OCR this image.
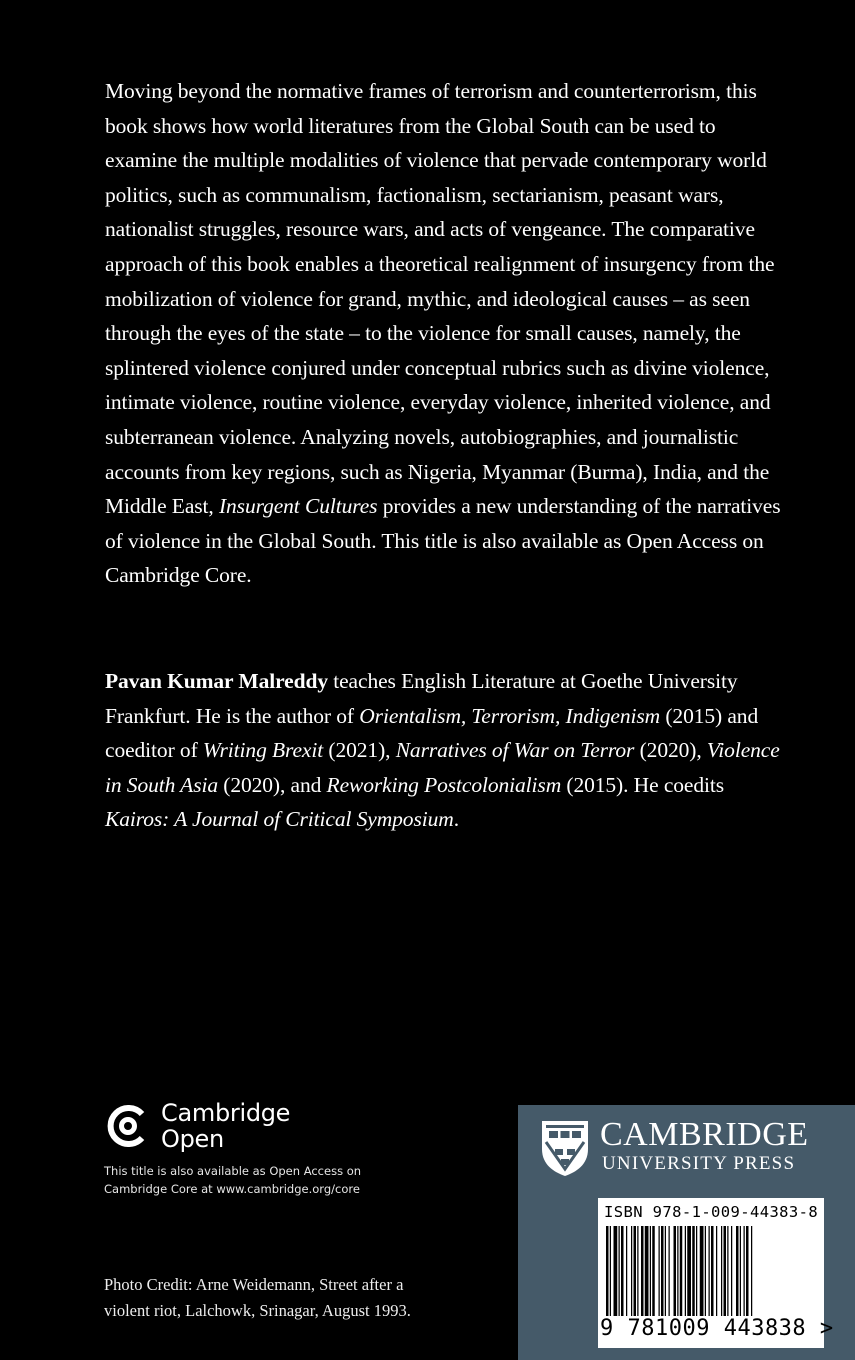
Moving beyond the normative frames of terrorism and counterterrorism, this book shows how world literatures from the Global South can be used to examine the multiple modalities of violence that pervade contemporary world politics, such as communalism, factionalism, sectarianism, peasant wars, nationalist struggles, resource wars, and acts of vengeance. The comparative approach of this book enables a theoretical realignment of insurgency from the mobilization of violence for grand, mythic, and ideological causes – as seen through the eyes of the state – to the violence for small causes, namely, the splintered violence conjured under conceptual rubrics such as divine violence, intimate violence, routine violence, everyday violence, inherited violence, and subterranean violence. Analyzing novels, autobiographies, and journalistic accounts from key regions, such as Nigeria, Myanmar (Burma), India, and the Middle East, Insurgent Cultures provides a new understanding of the narratives of violence in the Global South. This title is also available as Open Access on Cambridge Core.
Pavan Kumar Malreddy teaches English Literature at Goethe University Frankfurt. He is the author of Orientalism, Terrorism, Indigenism (2015) and coeditor of Writing Brexit (2021), Narratives of War on Terror (2020), Violence in South Asia (2020), and Reworking Postcolonialism (2015). He coedits Kairos: A Journal of Critical Symposium.
Cambridge
Open
This title is also available as Open Access on
Cambridge Core at www.cambridge.org/core
Photo Credit: Arne Weidemann, Street after a
violent riot, Lalchowk, Srinagar, August 1993.
CAMBRIDGE
UNIVERSITY PRESS
ISBN 978-1-009-44383-8
9 781009 443838 >
